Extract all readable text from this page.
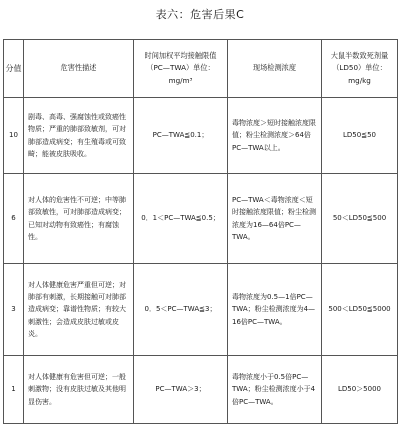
表六：危害后果C
分值	危害性描述	时间加权平均接触限值（PC—TWA）单位：mg/m³	现场检测浓度	大鼠半数致死剂量（LD50）单位：mg/kg
10	剧毒、高毒、强腐蚀性或致癌性物质；严重的肺部致敏剂，可对肺部造成病变；有生殖毒或可致畸；能被皮肤吸收。	PC—TWA≦0.1；	毒物浓度＞短时接触浓度限值；粉尘检测浓度＞64倍PC—TWA以上。	LD50≦50
6	对人体的危害性不可逆；中等肺部致敏性，可对肺部造成病变；已知对动物有致癌性；有腐蚀性。	0．1＜PC—TWA≦0.5；	PC—TWA＜毒物浓度＜短时接触浓度限值；粉尘检测浓度为16—64倍PC—TWA。	50＜LD50≦500
3	对人体健康危害严重但可逆；对肺部有刺激，长期接触可对肺部造成病变；靠谱性物质；有较大刺激性；会造成皮肤过敏或皮炎。	0．5＜PC—TWA≦3；	毒物浓度为0.5—1倍PC—TWA；粉尘检测浓度为4—16倍PC—TWA。	500＜LD50≦5000
1	对人体健康有危害但可逆；一般刺激物；没有皮肤过敏及其他明显伤害。	PC—TWA＞3；	毒物浓度小于0.5倍PC—TWA；粉尘检测浓度小于4倍PC—TWA。	LD50＞5000
